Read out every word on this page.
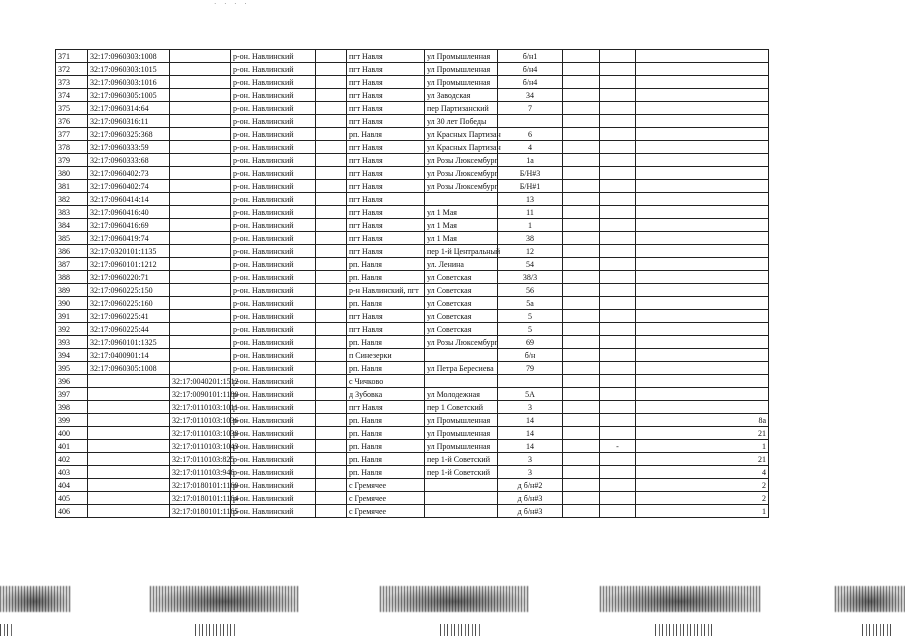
· · · ·
371	32:17:0960303:1008		р-он. Навлинский		пгт Навля	ул Промышленная	б/н1			
372	32:17:0960303:1015		р-он. Навлинский		пгт Навля	ул Промышленная	б/н4			
373	32:17:0960303:1016		р-он. Навлинский		пгт Навля	ул Промышленная	б/н4			
374	32:17:0960305:1005		р-он. Навлинский		пгт Навля	ул Заводская	34			
375	32:17:0960314:64		р-он. Навлинский		пгт Навля	пер Партизанский	7			
376	32:17:0960316:11		р-он. Навлинский		пгт Навля	ул 30 лет Победы				
377	32:17:0960325:368		р-он. Навлинский		рп. Навля	ул Красных Партизан	6			
378	32:17:0960333:59		р-он. Навлинский		пгт Навля	ул Красных Партизан	4			
379	32:17:0960333:68		р-он. Навлинский		пгт Навля	ул Розы Люксембург	1а			
380	32:17:0960402:73		р-он. Навлинский		пгт Навля	ул Розы Люксембург	Б/Н#3			
381	32:17:0960402:74		р-он. Навлинский		пгт Навля	ул Розы Люксембург	Б/Н#1			
382	32:17:0960414:14		р-он. Навлинский		пгт Навля		13			
383	32:17:0960416:40		р-он. Навлинский		пгт Навля	ул 1 Мая	11			
384	32:17:0960416:69		р-он. Навлинский		пгт Навля	ул 1 Мая	1			
385	32:17:0960419:74		р-он. Навлинский		пгт Навля	ул 1 Мая	38			
386	32:17:0320101:1135		р-он. Навлинский		пгт Навля	пер 1-й Центральный	12			
387	32:17:0960101:1212		р-он. Навлинский		рп. Навля	ул. Ленина	54			
388	32:17:0960220:71		р-он. Навлинский		рп. Навля	ул Советская	38/3			
389	32:17:0960225:150		р-он. Навлинский		р-н Навлинский, пгт	ул Советская	56			
390	32:17:0960225:160		р-он. Навлинский		рп. Навля	ул Советская	5а			
391	32:17:0960225:41		р-он. Навлинский		пгт Навля	ул Советская	5			
392	32:17:0960225:44		р-он. Навлинский		пгт Навля	ул Советская	5			
393	32:17:0960101:1325		р-он. Навлинский		рп. Навля	ул Розы Люксембург	69			
394	32:17:0400901:14		р-он. Навлинский		п Синезерки		б/н			
395	32:17:0960305:1008		р-он. Навлинский		рп. Навля	ул Петра Бересиева	79			
396		32:17:0040201:1512	р-он. Навлинский		с Чичково					
397		32:17:0090101:1180	р-он. Навлинский		д Зубовка	ул Молодежная	5А			
398		32:17:0110103:1011	р-он. Навлинский		пгт Навля	пер 1 Советский	3			
399		32:17:0110103:1036	р-он. Навлинский		рп. Навля	ул Промышленная	14			8а
400		32:17:0110103:1038	р-он. Навлинский		рп. Навля	ул Промышленная	14			21
401		32:17:0110103:1043	р-он. Навлинский		рп. Навля	ул Промышленная	14		-	1
402		32:17:0110103:825	р-он. Навлинский		рп. Навля	пер 1-й Советский	3			21
403		32:17:0110103:946	р-он. Навлинский		рп. Навля	пер 1-й Советский	3			4
404		32:17:0180101:1160	р-он. Навлинский		с Гремячее		д б/н#2			2
405		32:17:0180101:1164	р-он. Навлинский		с Гремячее		д б/н#3			2
406		32:17:0180101:1165	р-он. Навлинский		с Гремячее		д б/н#3			1
